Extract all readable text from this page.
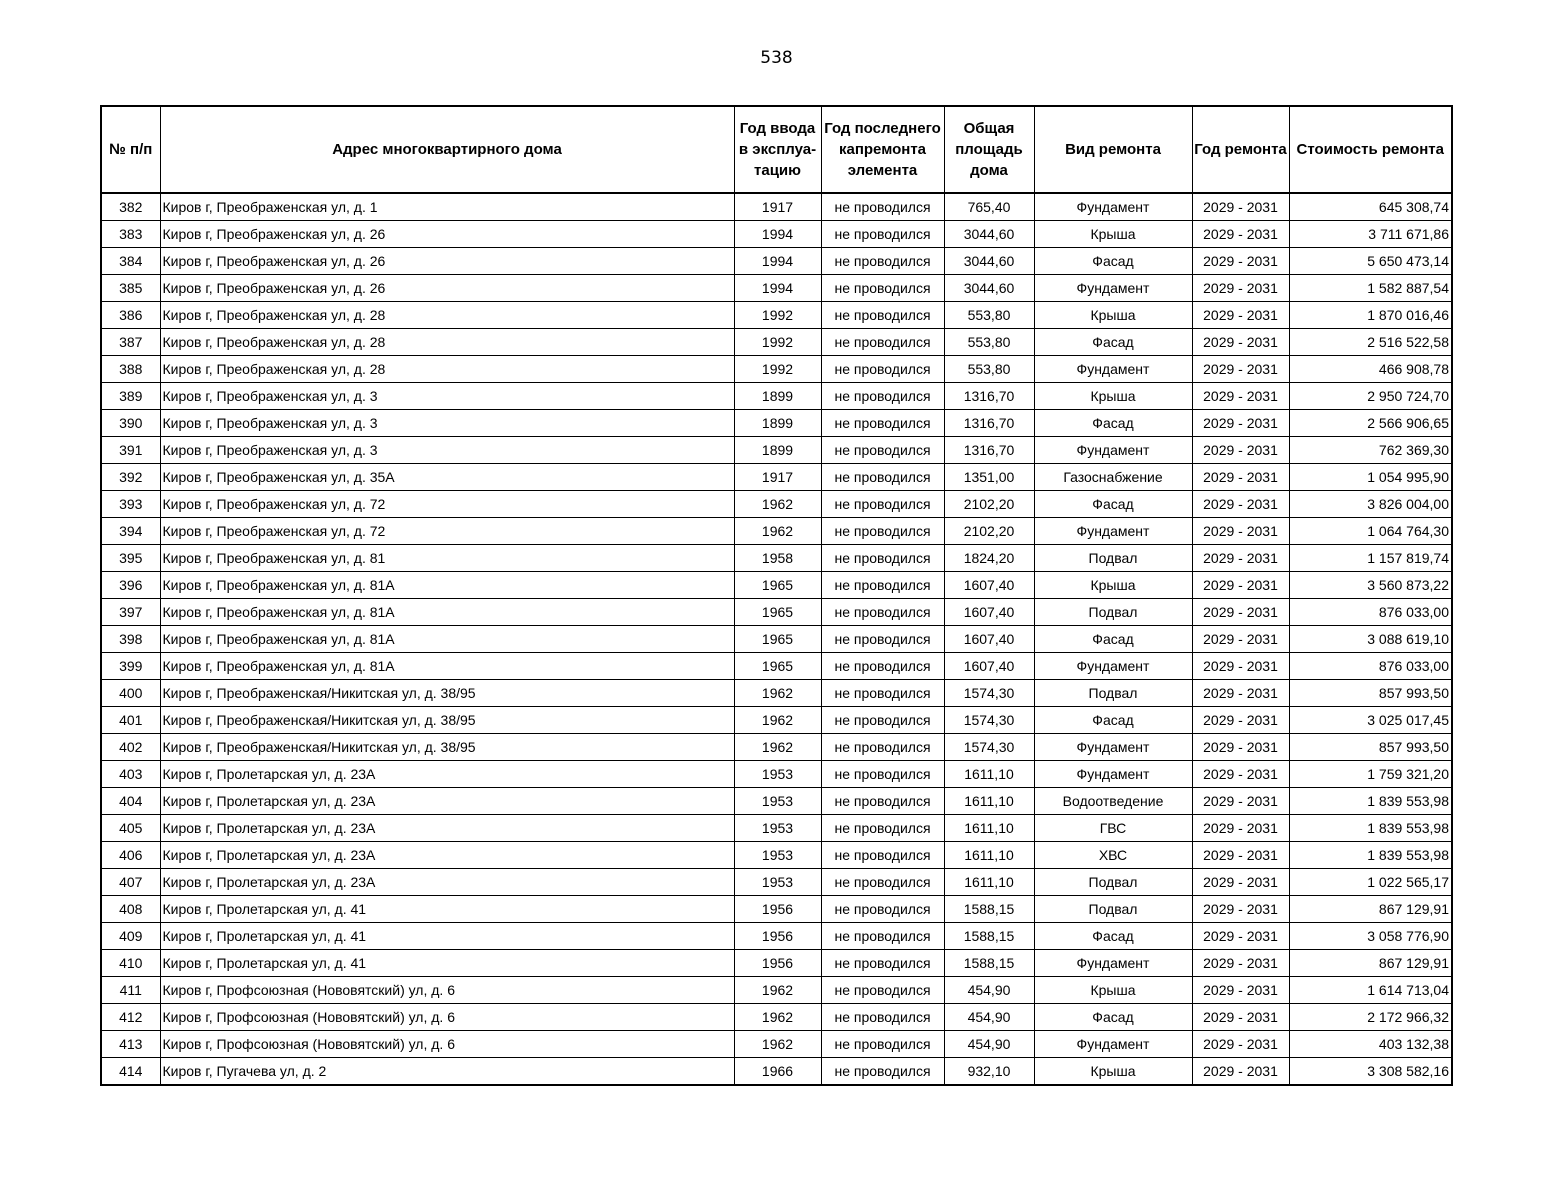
538
№ п/п	Адрес многоквартирного дома	Год ввода в эксплуа-тацию	Год последнего капремонта элемента	Общая площадь дома	Вид ремонта	Год ремонта	Стоимость ремонта
382	Киров г, Преображенская ул, д. 1	1917	не проводился	765,40	Фундамент	2029 - 2031	645 308,74
383	Киров г, Преображенская ул, д. 26	1994	не проводился	3044,60	Крыша	2029 - 2031	3 711 671,86
384	Киров г, Преображенская ул, д. 26	1994	не проводился	3044,60	Фасад	2029 - 2031	5 650 473,14
385	Киров г, Преображенская ул, д. 26	1994	не проводился	3044,60	Фундамент	2029 - 2031	1 582 887,54
386	Киров г, Преображенская ул, д. 28	1992	не проводился	553,80	Крыша	2029 - 2031	1 870 016,46
387	Киров г, Преображенская ул, д. 28	1992	не проводился	553,80	Фасад	2029 - 2031	2 516 522,58
388	Киров г, Преображенская ул, д. 28	1992	не проводился	553,80	Фундамент	2029 - 2031	466 908,78
389	Киров г, Преображенская ул, д. 3	1899	не проводился	1316,70	Крыша	2029 - 2031	2 950 724,70
390	Киров г, Преображенская ул, д. 3	1899	не проводился	1316,70	Фасад	2029 - 2031	2 566 906,65
391	Киров г, Преображенская ул, д. 3	1899	не проводился	1316,70	Фундамент	2029 - 2031	762 369,30
392	Киров г, Преображенская ул, д. 35А	1917	не проводился	1351,00	Газоснабжение	2029 - 2031	1 054 995,90
393	Киров г, Преображенская ул, д. 72	1962	не проводился	2102,20	Фасад	2029 - 2031	3 826 004,00
394	Киров г, Преображенская ул, д. 72	1962	не проводился	2102,20	Фундамент	2029 - 2031	1 064 764,30
395	Киров г, Преображенская ул, д. 81	1958	не проводился	1824,20	Подвал	2029 - 2031	1 157 819,74
396	Киров г, Преображенская ул, д. 81А	1965	не проводился	1607,40	Крыша	2029 - 2031	3 560 873,22
397	Киров г, Преображенская ул, д. 81А	1965	не проводился	1607,40	Подвал	2029 - 2031	876 033,00
398	Киров г, Преображенская ул, д. 81А	1965	не проводился	1607,40	Фасад	2029 - 2031	3 088 619,10
399	Киров г, Преображенская ул, д. 81А	1965	не проводился	1607,40	Фундамент	2029 - 2031	876 033,00
400	Киров г, Преображенская/Никитская ул, д. 38/95	1962	не проводился	1574,30	Подвал	2029 - 2031	857 993,50
401	Киров г, Преображенская/Никитская ул, д. 38/95	1962	не проводился	1574,30	Фасад	2029 - 2031	3 025 017,45
402	Киров г, Преображенская/Никитская ул, д. 38/95	1962	не проводился	1574,30	Фундамент	2029 - 2031	857 993,50
403	Киров г, Пролетарская ул, д. 23А	1953	не проводился	1611,10	Фундамент	2029 - 2031	1 759 321,20
404	Киров г, Пролетарская ул, д. 23А	1953	не проводился	1611,10	Водоотведение	2029 - 2031	1 839 553,98
405	Киров г, Пролетарская ул, д. 23А	1953	не проводился	1611,10	ГВС	2029 - 2031	1 839 553,98
406	Киров г, Пролетарская ул, д. 23А	1953	не проводился	1611,10	ХВС	2029 - 2031	1 839 553,98
407	Киров г, Пролетарская ул, д. 23А	1953	не проводился	1611,10	Подвал	2029 - 2031	1 022 565,17
408	Киров г, Пролетарская ул, д. 41	1956	не проводился	1588,15	Подвал	2029 - 2031	867 129,91
409	Киров г, Пролетарская ул, д. 41	1956	не проводился	1588,15	Фасад	2029 - 2031	3 058 776,90
410	Киров г, Пролетарская ул, д. 41	1956	не проводился	1588,15	Фундамент	2029 - 2031	867 129,91
411	Киров г, Профсоюзная (Нововятский) ул, д. 6	1962	не проводился	454,90	Крыша	2029 - 2031	1 614 713,04
412	Киров г, Профсоюзная (Нововятский) ул, д. 6	1962	не проводился	454,90	Фасад	2029 - 2031	2 172 966,32
413	Киров г, Профсоюзная (Нововятский) ул, д. 6	1962	не проводился	454,90	Фундамент	2029 - 2031	403 132,38
414	Киров г, Пугачева ул, д. 2	1966	не проводился	932,10	Крыша	2029 - 2031	3 308 582,16
